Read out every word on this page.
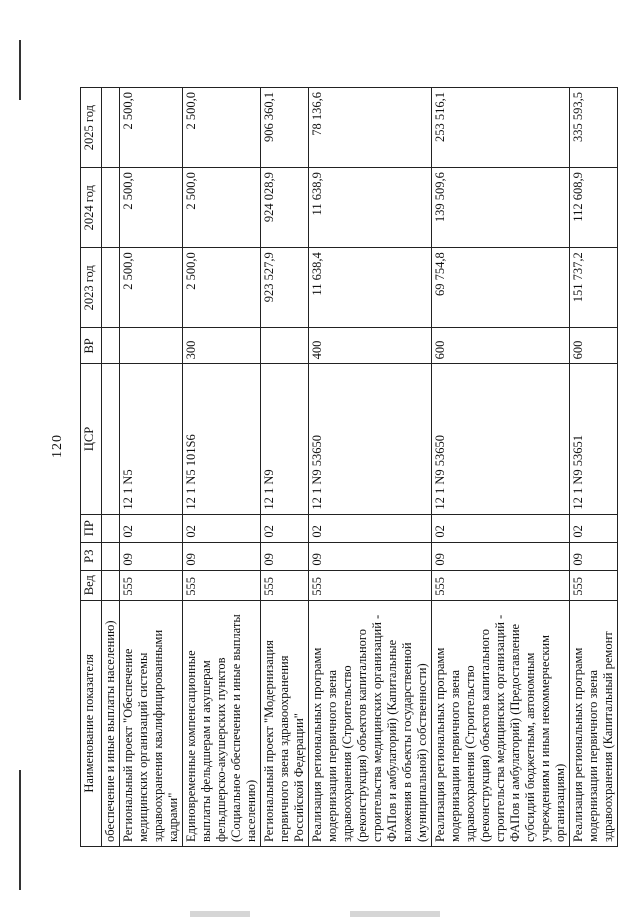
120
Наименование показателя	Вед	РЗ	ПР	ЦСР	ВР	2023 год	2024 год	2025 год
обеспечение и иные выплаты населению)								
Региональный проект "Обеспечение медицинских организаций системы здравоохранения квалифицированными кадрами"	555	09	02	12 1 N5		2 500,0	2 500,0	2 500,0
Единовременные компенсационные выплаты фельдшерам и акушерам фельдшерско-акушерских пунктов (Социальное обеспечение и иные выплаты населению)	555	09	02	12 1 N5 101S6	300	2 500,0	2 500,0	2 500,0
Региональный проект "Модернизация первичного звена здравоохранения Российской Федерации"	555	09	02	12 1 N9		923 527,9	924 028,9	906 360,1
Реализация региональных программ модернизации первичного звена здравоохранения (Строительство (реконструкция) объектов капитального строительства медицинских организаций - ФАПов и амбулаторий) (Капитальные вложения в объекты государственной (муниципальной) собственности)	555	09	02	12 1 N9 53650	400	11 638,4	11 638,9	78 136,6
Реализация региональных программ модернизации первичного звена здравоохранения (Строительство (реконструкция) объектов капитального строительства медицинских организаций - ФАПов и амбулаторий) (Предоставление субсидий бюджетным, автономным учреждениям и иным некоммерческим организациям)	555	09	02	12 1 N9 53650	600	69 754,8	139 509,6	253 516,1
Реализация региональных программ модернизации первичного звена здравоохранения (Капитальный ремонт	555	09	02	12 1 N9 53651	600	151 737,2	112 608,9	335 593,5
